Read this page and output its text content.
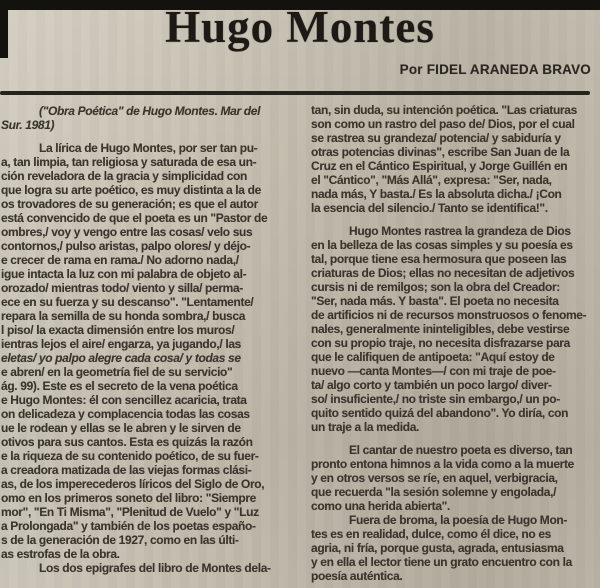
Hugo Montes
Por FIDEL ARANEDA BRAVO
("Obra Poética" de Hugo Montes. Mar del
Sur. 1981)
La lírica de Hugo Montes, por ser tan pu-
a, tan limpia, tan religiosa y saturada de esa un-
ción reveladora de la gracia y simplicidad con
que logra su arte poético, es muy distinta a la de
os trovadores de su generación; es que el autor
está convencido de que el poeta es un "Pastor de
ombres,/ voy y vengo entre las cosas/ velo sus
contornos,/ pulso aristas, palpo olores/ y déjo-
e crecer de rama en rama./ No adorno nada,/
igue intacta la luz con mi palabra de objeto al-
orozado/ mientras todo/ viento y silla/ perma-
ece en su fuerza y su descanso". "Lentamente/
repara la semilla de su honda sombra,/ busca
l piso/ la exacta dimensión entre los muros/
ientras lejos el aire/ engarza, ya jugando,/ las
eletas/ yo palpo alegre cada cosa/ y todas se
e abren/ en la geometría fiel de su servicio"
ág. 99). Este es el secreto de la vena poética
e Hugo Montes: él con sencillez acaricia, trata
on delicadeza y complacencia todas las cosas
ue le rodean y ellas se le abren y le sirven de
otivos para sus cantos. Esta es quizás la razón
e la riqueza de su contenido poético, de su fuer-
a creadora matizada de las viejas formas clási-
as, de los imperecederos líricos del Siglo de Oro,
omo en los primeros soneto del libro: "Siempre
mor", "En Ti Misma", "Plenitud de Vuelo" y "Luz
a Prolongada" y también de los poetas españo-
s de la generación de 1927, como en las últi-
as estrofas de la obra.
Los dos epigrafes del libro de Montes dela-
tan, sin duda, su intención poética. "Las criaturas
son como un rastro del paso de/ Dios, por el cual
se rastrea su grandeza/ potencia/ y sabiduría y
otras potencias divinas", escribe San Juan de la
Cruz en el Cántico Espiritual, y Jorge Guillén en
el "Cántico", "Más Allá", expresa: "Ser, nada,
nada más, Y basta./ Es la absoluta dicha./ ¡Con
la esencia del silencio./ Tanto se identifica!".
Hugo Montes rastrea la grandeza de Dios
en la belleza de las cosas simples y su poesía es
tal, porque tiene esa hermosura que poseen las
criaturas de Dios; ellas no necesitan de adjetivos
cursis ni de remilgos; son la obra del Creador:
"Ser, nada más. Y basta". El poeta no necesita
de artificios ni de recursos monstruosos o fenome-
nales, generalmente ininteligibles, debe vestirse
con su propio traje, no necesita disfrazarse para
que le califiquen de antipoeta: "Aquí estoy de
nuevo —canta Montes—/ con mi traje de poe-
ta/ algo corto y también un poco largo/ diver-
so/ insuficiente,/ no triste sin embargo,/ un po-
quito sentido quizá del abandono". Yo diría, con
un traje a la medida.
El cantar de nuestro poeta es diverso, tan
pronto entona himnos a la vida como a la muerte
y en otros versos se ríe, en aquel, verbigracia,
que recuerda "la sesión solemne y engolada,/
como una herida abierta".
Fuera de broma, la poesía de Hugo Mon-
tes es en realidad, dulce, como él dice, no es
agria, ni fría, porque gusta, agrada, entusiasma
y en ella el lector tiene un grato encuentro con la
poesía auténtica.
